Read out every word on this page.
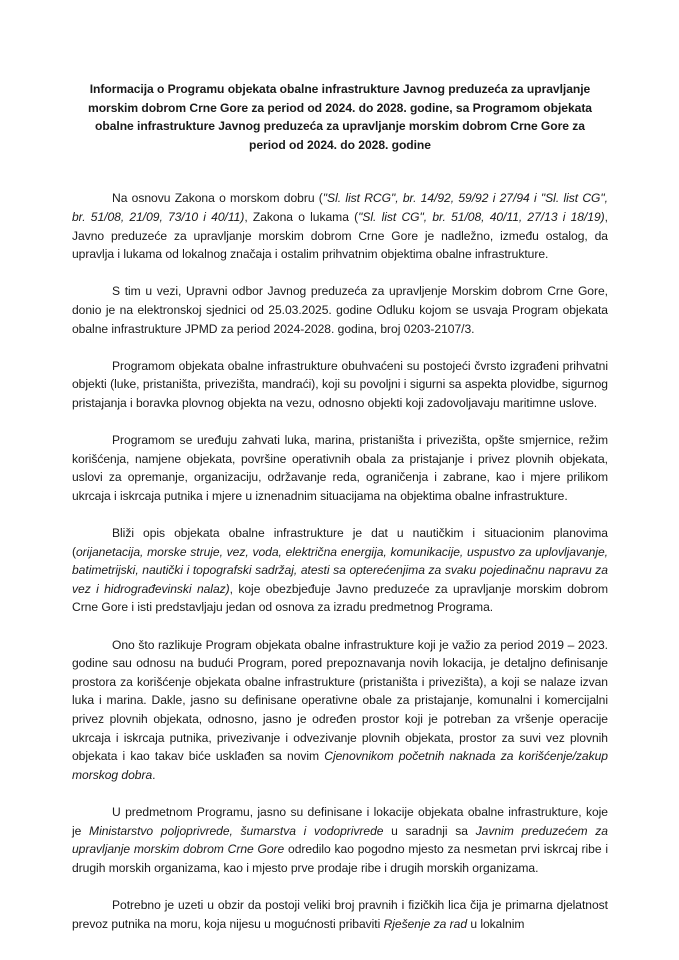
Informacija o Programu objekata obalne infrastrukture Javnog preduzeća za upravljanje morskim dobrom Crne Gore za period od 2024. do 2028. godine, sa Programom objekata obalne infrastrukture Javnog preduzeća za upravljanje morskim dobrom Crne Gore za period od 2024. do 2028. godine

Na osnovu Zakona o morskom dobru ("Sl. list RCG", br. 14/92, 59/92 i 27/94 i "Sl. list CG", br. 51/08, 21/09, 73/10 i 40/11), Zakona o lukama ("Sl. list CG", br. 51/08, 40/11, 27/13 i 18/19), Javno preduzeće za upravljanje morskim dobrom Crne Gore je nadležno, između ostalog, da upravlja i lukama od lokalnog značaja i ostalim prihvatnim objektima obalne infrastrukture.

S tim u vezi, Upravni odbor Javnog preduzeća za upravljenje Morskim dobrom Crne Gore, donio je na elektronskoj sjednici od 25.03.2025. godine Odluku kojom se usvaja Program objekata obalne infrastrukture JPMD za period 2024-2028. godina, broj 0203-2107/3.

Programom objekata obalne infrastrukture obuhvaćeni su postojeći čvrsto izgrađeni prihvatni objekti (luke, pristaništa, privezišta, mandraći), koji su povoljni i sigurni sa aspekta plovidbe, sigurnog pristajanja i boravka plovnog objekta na vezu, odnosno objekti koji zadovoljavaju maritimne uslove.

Programom se uređuju zahvati luka, marina, pristaništa i privezišta, opšte smjernice, režim korišćenja, namjene objekata, površine operativnih obala za pristajanje i privez plovnih objekata, uslovi za opremanje, organizaciju, održavanje reda, ograničenja i zabrane, kao i mjere prilikom ukrcaja i iskrcaja putnika i mjere u iznenadnim situacijama na objektima obalne infrastrukture.

Bliži opis objekata obalne infrastrukture je dat u nautičkim i situacionim planovima (orijanetacija, morske struje, vez, voda, električna energija, komunikacije, uspustvo za uplovljavanje, batimetrijski, nautički i topografski sadržaj, atesti sa opterećenjima za svaku pojedinačnu napravu za vez i hidrograđevinski nalaz), koje obezbjeđuje Javno preduzeće za upravljanje morskim dobrom Crne Gore i isti predstavljaju jedan od osnova za izradu predmetnog Programa.

Ono što razlikuje Program objekata obalne infrastrukture koji je važio za period 2019 – 2023. godine sau odnosu na budući Program, pored prepoznavanja novih lokacija, je detaljno definisanje prostora za korišćenje objekata obalne infrastrukture (pristaništa i privezišta), a koji se nalaze izvan luka i marina. Dakle, jasno su definisane operativne obale za pristajanje, komunalni i komercijalni privez plovnih objekata, odnosno, jasno je određen prostor koji je potreban za vršenje operacije ukrcaja i iskrcaja putnika, privezivanje i odvezivanje plovnih objekata, prostor za suvi vez plovnih objekata i kao takav biće usklađen sa novim Cjenovnikom početnih naknada za korišćenje/zakup morskog dobra.

U predmetnom Programu, jasno su definisane i lokacije objekata obalne infrastrukture, koje je Ministarstvo poljoprivrede, šumarstva i vodoprivrede u saradnji sa Javnim preduzećem za upravljanje morskim dobrom Crne Gore odredilo kao pogodno mjesto za nesmetan prvi iskrcaj ribe i drugih morskih organizama, kao i mjesto prve prodaje ribe i drugih morskih organizama.

Potrebno je uzeti u obzir da postoji veliki broj pravnih i fizičkih lica čija je primarna djelatnost prevoz putnika na moru, koja nijesu u mogućnosti pribaviti Rješenje za rad u lokalnim
